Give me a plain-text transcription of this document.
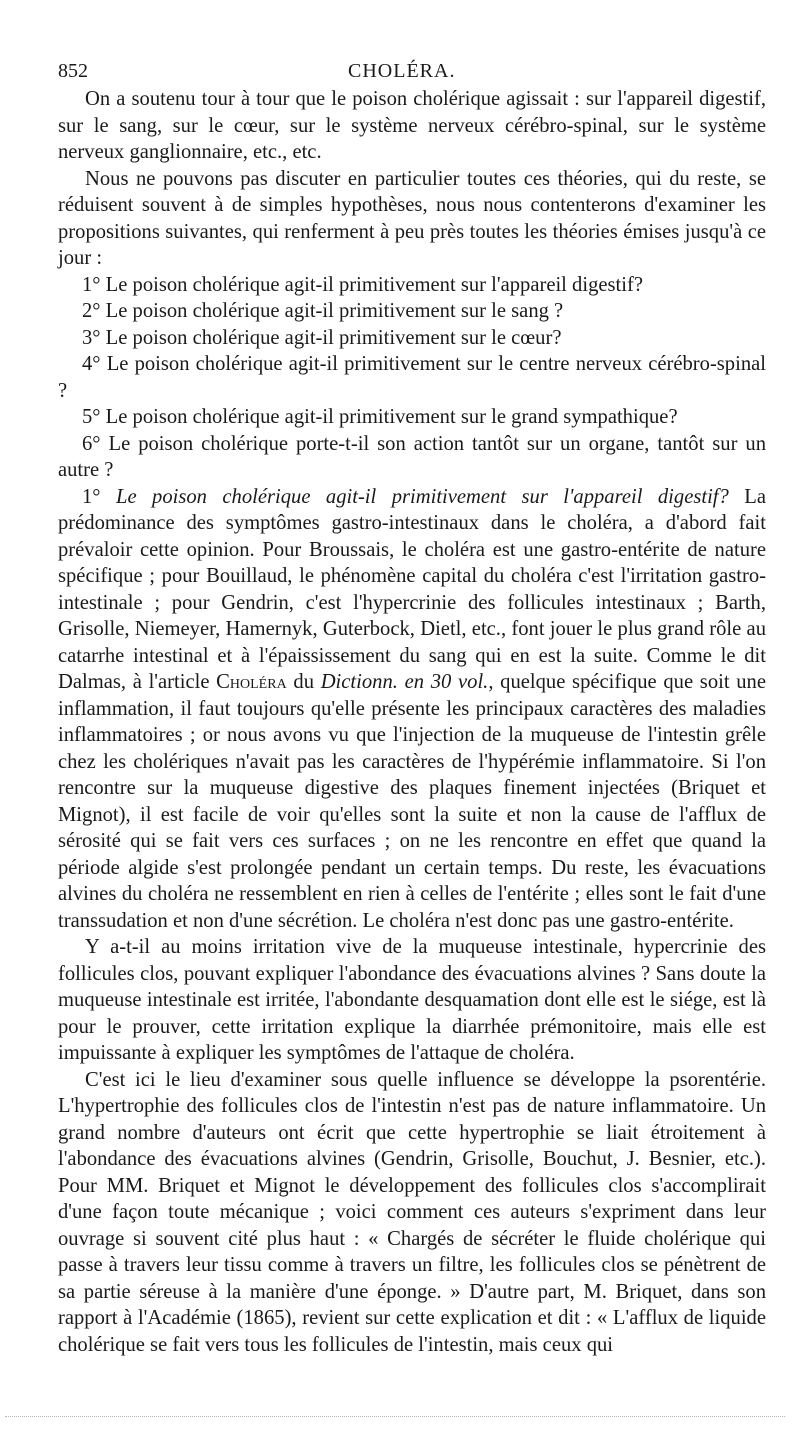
852	CHOLÉRA.

On a soutenu tour à tour que le poison cholérique agissait : sur l'appareil digestif, sur le sang, sur le cœur, sur le système nerveux cérébro-spinal, sur le système nerveux ganglionnaire, etc., etc.

Nous ne pouvons pas discuter en particulier toutes ces théories, qui du reste, se réduisent souvent à de simples hypothèses, nous nous contenterons d'examiner les propositions suivantes, qui renferment à peu près toutes les théories émises jusqu'à ce jour :

1° Le poison cholérique agit-il primitivement sur l'appareil digestif?

2° Le poison cholérique agit-il primitivement sur le sang ?

3° Le poison cholérique agit-il primitivement sur le cœur?

4° Le poison cholérique agit-il primitivement sur le centre nerveux cérébro-spinal ?

5° Le poison cholérique agit-il primitivement sur le grand sympathique?

6° Le poison cholérique porte-t-il son action tantôt sur un organe, tantôt sur un autre ?

1° Le poison cholérique agit-il primitivement sur l'appareil digestif? La prédominance des symptômes gastro-intestinaux dans le choléra, a d'abord fait prévaloir cette opinion. Pour Broussais, le choléra est une gastro-entérite de nature spécifique ; pour Bouillaud, le phénomène capital du choléra c'est l'irritation gastro-intestinale ; pour Gendrin, c'est l'hypercrinie des follicules intestinaux ; Barth, Grisolle, Niemeyer, Hamernyk, Guterbock, Dietl, etc., font jouer le plus grand rôle au catarrhe intestinal et à l'épaississement du sang qui en est la suite. Comme le dit Dalmas, à l'article Choléra du Dictionn. en 30 vol., quelque spécifique que soit une inflammation, il faut toujours qu'elle présente les principaux caractères des maladies inflammatoires ; or nous avons vu que l'injection de la muqueuse de l'intestin grêle chez les cholériques n'avait pas les caractères de l'hypérémie inflammatoire. Si l'on rencontre sur la muqueuse digestive des plaques finement injectées (Briquet et Mignot), il est facile de voir qu'elles sont la suite et non la cause de l'afflux de sérosité qui se fait vers ces surfaces ; on ne les rencontre en effet que quand la période algide s'est prolongée pendant un certain temps. Du reste, les évacuations alvines du choléra ne ressemblent en rien à celles de l'entérite ; elles sont le fait d'une transsudation et non d'une sécrétion. Le choléra n'est donc pas une gastro-entérite.

Y a-t-il au moins irritation vive de la muqueuse intestinale, hypercrinie des follicules clos, pouvant expliquer l'abondance des évacuations alvines ? Sans doute la muqueuse intestinale est irritée, l'abondante desquamation dont elle est le siége, est là pour le prouver, cette irritation explique la diarrhée prémonitoire, mais elle est impuissante à expliquer les symptômes de l'attaque de choléra.

C'est ici le lieu d'examiner sous quelle influence se développe la psorentérie. L'hypertrophie des follicules clos de l'intestin n'est pas de nature inflammatoire. Un grand nombre d'auteurs ont écrit que cette hypertrophie se liait étroitement à l'abondance des évacuations alvines (Gendrin, Grisolle, Bouchut, J. Besnier, etc.). Pour MM. Briquet et Mignot le développement des follicules clos s'accomplirait d'une façon toute mécanique ; voici comment ces auteurs s'expriment dans leur ouvrage si souvent cité plus haut : « Chargés de sécréter le fluide cholérique qui passe à travers leur tissu comme à travers un filtre, les follicules clos se pénètrent de sa partie séreuse à la manière d'une éponge. » D'autre part, M. Briquet, dans son rapport à l'Académie (1865), revient sur cette explication et dit : « L'afflux de liquide cholérique se fait vers tous les follicules de l'intestin, mais ceux qui
